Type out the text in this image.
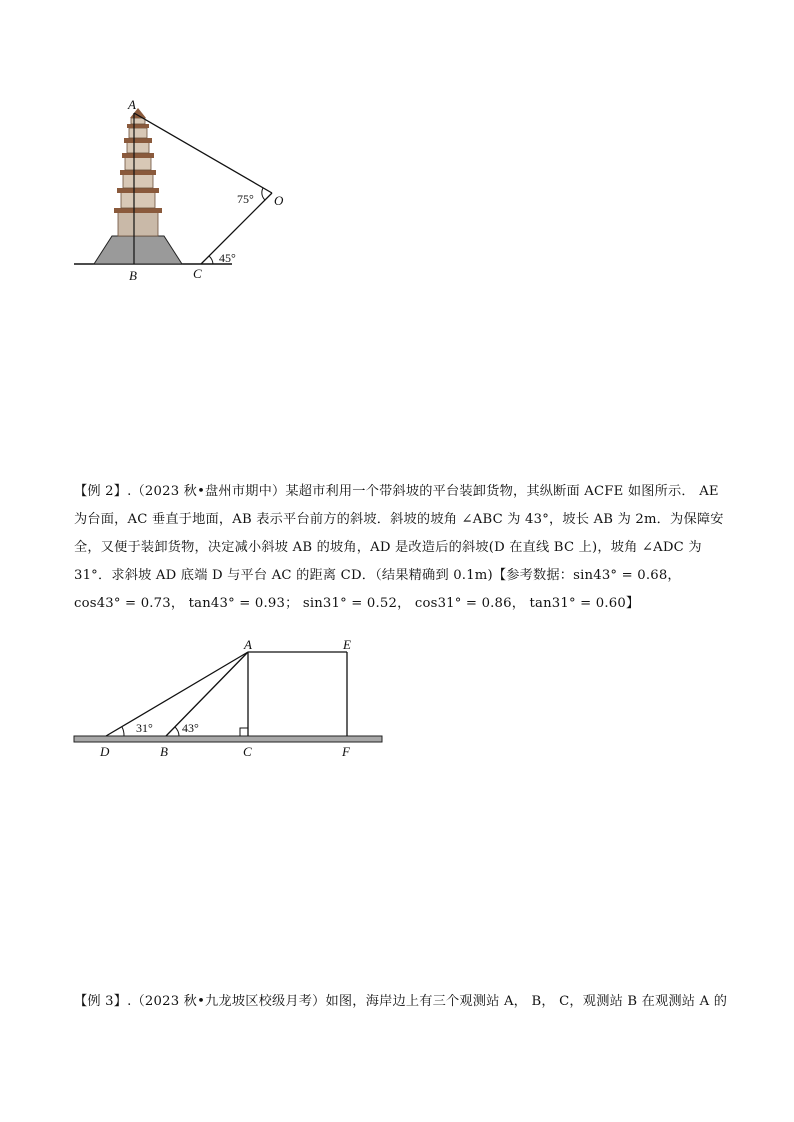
A
B	C
O
75°
45°
【例 2】.（2023 秋•盘州市期中）某超市利用一个带斜坡的平台装卸货物，其纵断面 ACFE 如图所示． AE
为台面，AC 垂直于地面，AB 表示平台前方的斜坡．斜坡的坡角 ∠ABC 为 43°，坡长 AB 为 2m．为保障安
全，又便于装卸货物，决定减小斜坡 AB 的坡角，AD 是改造后的斜坡(D 在直线 BC 上)，坡角 ∠ADC 为
31°．求斜坡 AD 底端 D 与平台 AC 的距离 CD．（结果精确到 0.1m)【参考数据：sin43° = 0.68，
cos43° = 0.73， tan43° = 0.93； sin31° = 0.52， cos31° = 0.86， tan31° = 0.60】
A	E
D	B	C	F
31° 43°
【例 3】.（2023 秋•九龙坡区校级月考）如图，海岸边上有三个观测站 A， B， C，观测站 B 在观测站 A 的
